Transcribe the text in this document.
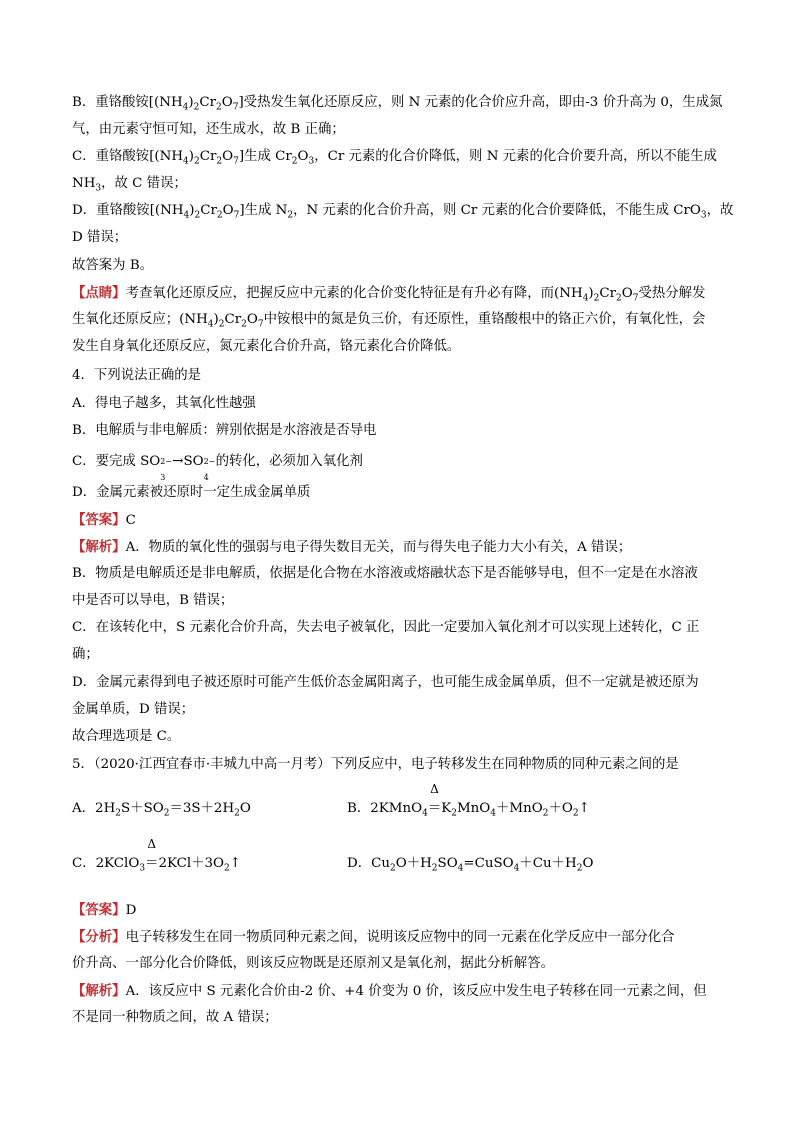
B．重铬酸铵$[(NH_4)_2Cr_2O_7]$受热发生氧化还原反应，则 N 元素的化合价应升高，即由-3 价升高为 0，生成氮
气，由元素守恒可知，还生成水，故 B 正确；
C．重铬酸铵$[(NH_4)_2Cr_2O_7]$生成 $Cr_2O_3$，Cr 元素的化合价降低，则 N 元素的化合价要升高，所以不能生成
$NH_3$，故 C 错误；
D．重铬酸铵$[(NH_4)_2Cr_2O_7]$生成 $N_2$，N 元素的化合价升高，则 Cr 元素的化合价要降低，不能生成 CrO$_3$，故
D 错误；
故答案为 B。
【点睛】考查氧化还原反应，把握反应中元素的化合价变化特征是有升必有降，而$(NH_4)_2Cr_2O_7$受热分解发
生氧化还原反应；$(NH_4)_2Cr_2O_7$中铵根中的氮是负三价，有还原性，重铬酸根中的铬正六价，有氧化性，会
发生自身氧化还原反应，氮元素化合价升高，铬元素化合价降低。
4．下列说法正确的是
A．得电子越多，其氧化性越强
B．电解质与非电解质：辨别依据是水溶液是否导电
C．要完成 SO 2−
3
→SO 2−
4
的转化，必须加入氧化剂
D．金属元素被还原时一定生成金属单质
【答案】C
【解析】A．物质的氧化性的强弱与电子得失数目无关，而与得失电子能力大小有关，A 错误；
B．物质是电解质还是非电解质，依据是化合物在水溶液或熔融状态下是否能够导电，但不一定是在水溶液
中是否可以导电，B 错误；
C．在该转化中，S 元素化合价升高，失去电子被氧化，因此一定要加入氧化剂才可以实现上述转化，C 正
确；
D．金属元素得到电子被还原时可能产生低价态金属阳离子，也可能生成金属单质，但不一定就是被还原为
金属单质，D 错误；
故合理选项是 C。
5．（2020·江西宜春市·丰城九中高一月考）下列反应中，电子转移发生在同种物质的同种元素之间的是
A．$2H_2S+SO_2=3S+2H_2O$	B．2KMnO$_4$
Δ
$=K_2MnO_4+MnO_2+O_2↑$
C．2KClO$_3$
Δ
$=2KCl+3O_2↑$	D．$Cu_2O+H_2SO_4=CuSO_4+Cu+H_2O$
【答案】D
【分析】电子转移发生在同一物质同种元素之间，说明该反应物中的同一元素在化学反应中一部分化合
价升高、一部分化合价降低，则该反应物既是还原剂又是氧化剂，据此分析解答。
【解析】A．该反应中 S 元素化合价由-2 价、+4 价变为 0 价，该反应中发生电子转移在同一元素之间，但
不是同一种物质之间，故 A 错误；
